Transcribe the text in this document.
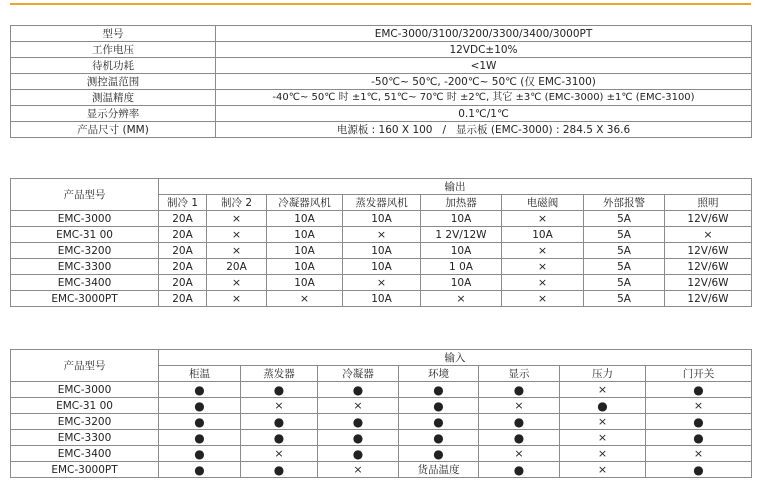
型号	EMC-3000/3100/3200/3300/3400/3000PT
工作电压	12VDC±10%
待机功耗	<1W
测控温范围	-50℃~ 50℃, -200℃~ 50℃ (仅 EMC-3100)
测温精度	-40℃~ 50℃ 时 ±1℃, 51℃~ 70℃ 时 ±2℃, 其它 ±3℃ (EMC-3000) ±1℃ (EMC-3100)
显示分辨率	0.1℃/1℃
产品尺寸 (MM)	电源板 : 160 X 100   /   显示板 (EMC-3000) : 284.5 X 36.6
产品型号	输出							
	制冷 1	制冷 2	冷凝器风机	蒸发器风机	加热器	电磁阀	外部报警	照明
EMC-3000	20A	×	10A	10A	10A	×	5A	12V/6W
EMC-31 00	20A	×	10A	×	1 2V/12W	10A	5A	×
EMC-3200	20A	×	10A	10A	10A	×	5A	12V/6W
EMC-3300	20A	20A	10A	10A	1 0A	×	5A	12V/6W
EMC-3400	20A	×	10A	×	10A	×	5A	12V/6W
EMC-3000PT	20A	×	×	10A	×	×	5A	12V/6W
产品型号	输入						
	柜温	蒸发器	冷凝器	环境	显示	压力	门开关
EMC-3000	●	●	●	●	●	×	●
EMC-31 00	●	×	×	●	×	●	×
EMC-3200	●	●	●	●	●	×	●
EMC-3300	●	●	●	●	●	×	●
EMC-3400	●	×	●	●	×	×	×
EMC-3000PT	●	●	×	货品温度	●	×	●
